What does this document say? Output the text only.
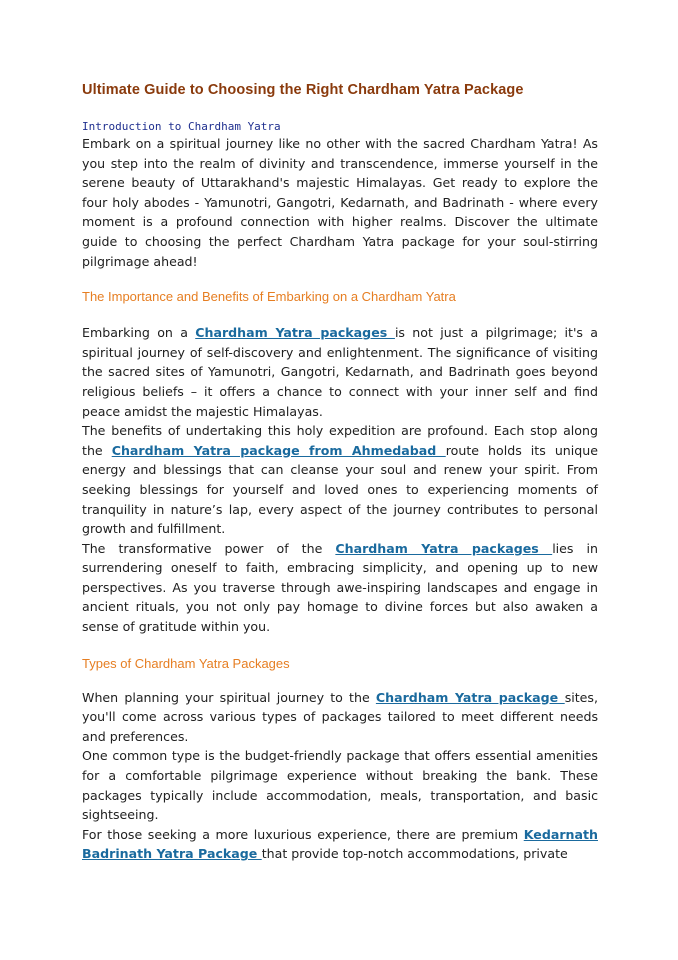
Ultimate Guide to Choosing the Right Chardham Yatra Package
Introduction to Chardham Yatra

Embark on a spiritual journey like no other with the sacred Chardham Yatra! As you step into the realm of divinity and transcendence, immerse yourself in the serene beauty of Uttarakhand's majestic Himalayas. Get ready to explore the four holy abodes - Yamunotri, Gangotri, Kedarnath, and Badrinath - where every moment is a profound connection with higher realms. Discover the ultimate guide to choosing the perfect Chardham Yatra package for your soul-stirring pilgrimage ahead!

The Importance and Benefits of Embarking on a Chardham Yatra

Embarking on a Chardham Yatra packages is not just a pilgrimage; it's a spiritual journey of self-discovery and enlightenment. The significance of visiting the sacred sites of Yamunotri, Gangotri, Kedarnath, and Badrinath goes beyond religious beliefs – it offers a chance to connect with your inner self and find peace amidst the majestic Himalayas.

The benefits of undertaking this holy expedition are profound. Each stop along the Chardham Yatra package from Ahmedabad route holds its unique energy and blessings that can cleanse your soul and renew your spirit. From seeking blessings for yourself and loved ones to experiencing moments of tranquility in nature’s lap, every aspect of the journey contributes to personal growth and fulfillment.

The transformative power of the Chardham Yatra packages lies in surrendering oneself to faith, embracing simplicity, and opening up to new perspectives. As you traverse through awe-inspiring landscapes and engage in ancient rituals, you not only pay homage to divine forces but also awaken a sense of gratitude within you.

Types of Chardham Yatra Packages

When planning your spiritual journey to the Chardham Yatra package sites, you'll come across various types of packages tailored to meet different needs and preferences.

One common type is the budget-friendly package that offers essential amenities for a comfortable pilgrimage experience without breaking the bank. These packages typically include accommodation, meals, transportation, and basic sightseeing.

For those seeking a more luxurious experience, there are premium Kedarnath Badrinath Yatra Package that provide top-notch accommodations, private
